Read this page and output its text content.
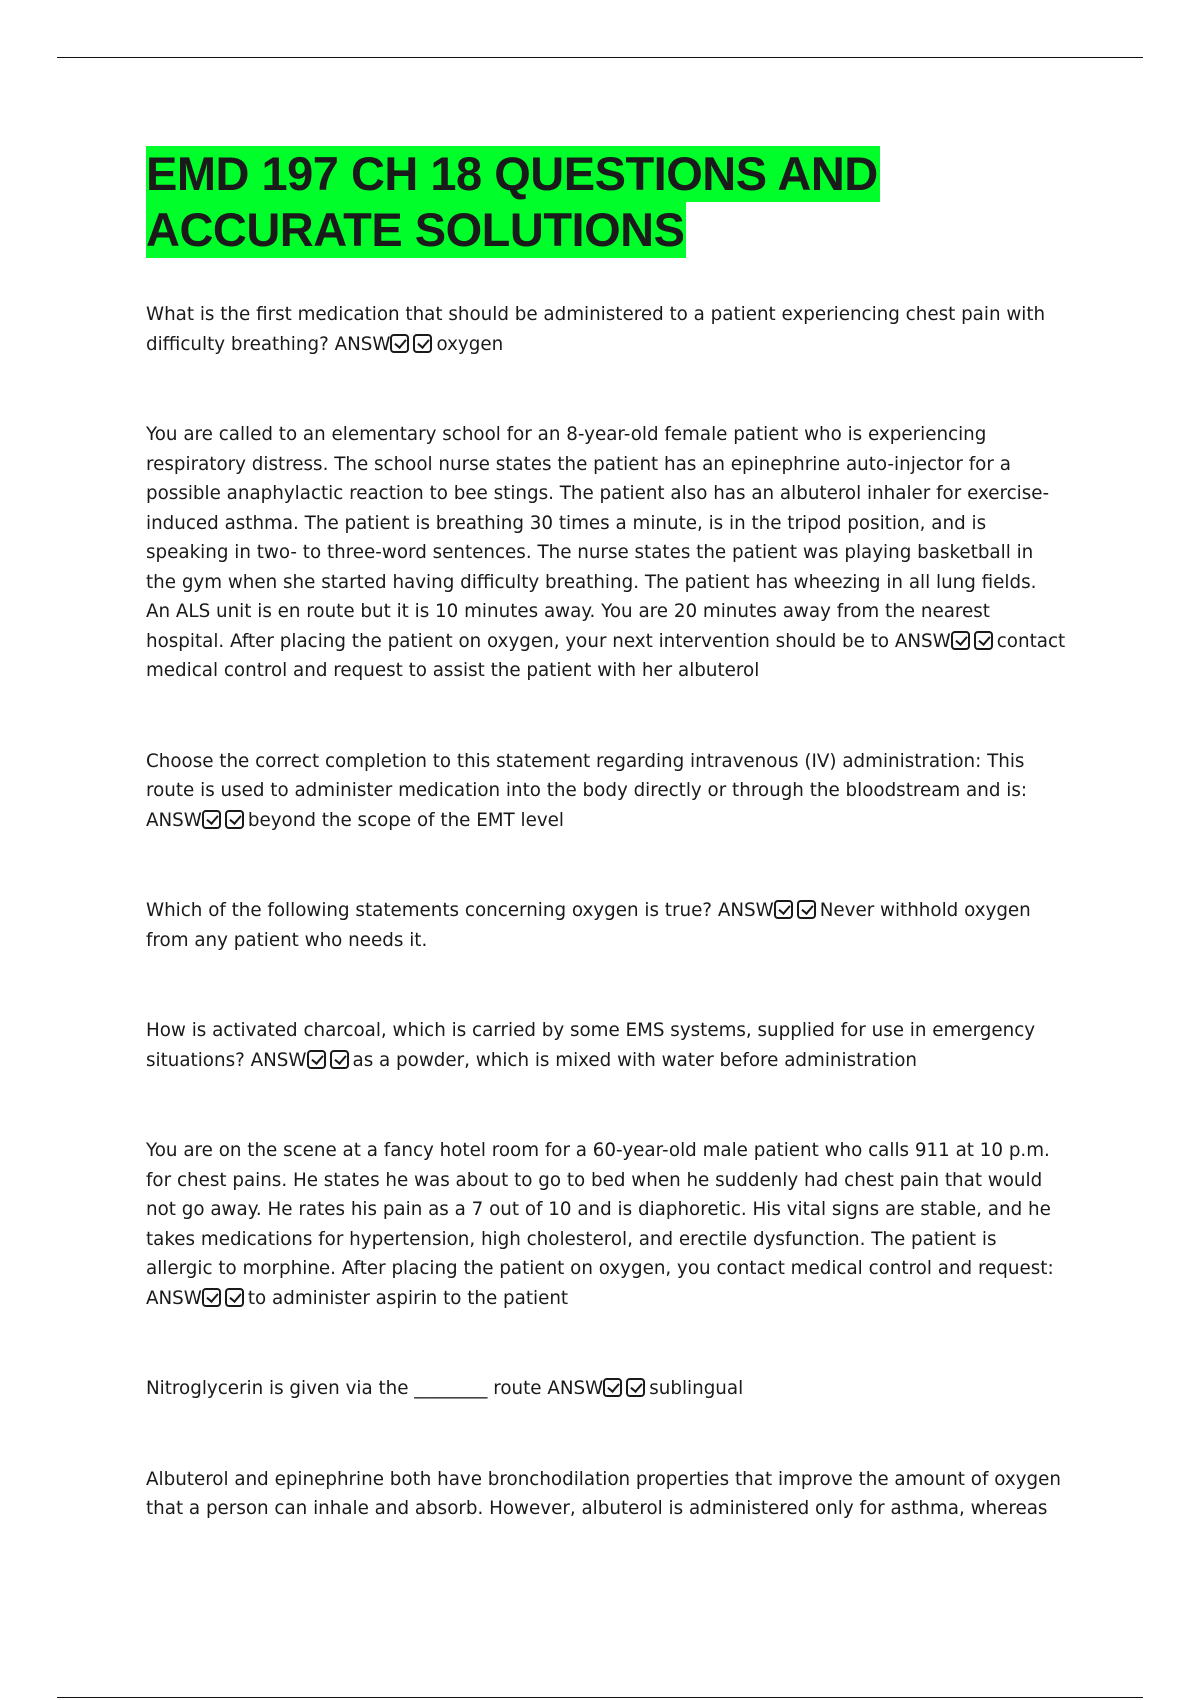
EMD 197 CH 18 QUESTIONS AND
ACCURATE SOLUTIONS

What is the first medication that should be administered to a patient experiencing chest pain with difficulty breathing? ANSW	oxygen

You are called to an elementary school for an 8-year-old female patient who is experiencing respiratory distress. The school nurse states the patient has an epinephrine auto-injector for a possible anaphylactic reaction to bee stings. The patient also has an albuterol inhaler for exercise-induced asthma. The patient is breathing 30 times a minute, is in the tripod position, and is speaking in two- to three-word sentences. The nurse states the patient was playing basketball in the gym when she started having difficulty breathing. The patient has wheezing in all lung fields. An ALS unit is en route but it is 10 minutes away. You are 20 minutes away from the nearest hospital. After placing the patient on oxygen, your next intervention should be to ANSW	contact medical control and request to assist the patient with her albuterol

Choose the correct completion to this statement regarding intravenous (IV) administration: This route is used to administer medication into the body directly or through the bloodstream and is: ANSW	beyond the scope of the EMT level

Which of the following statements concerning oxygen is true? ANSW	Never withhold oxygen from any patient who needs it.

How is activated charcoal, which is carried by some EMS systems, supplied for use in emergency situations? ANSW	as a powder, which is mixed with water before administration

You are on the scene at a fancy hotel room for a 60-year-old male patient who calls 911 at 10 p.m. for chest pains. He states he was about to go to bed when he suddenly had chest pain that would not go away. He rates his pain as a 7 out of 10 and is diaphoretic. His vital signs are stable, and he takes medications for hypertension, high cholesterol, and erectile dysfunction. The patient is allergic to morphine. After placing the patient on oxygen, you contact medical control and request: ANSW	to administer aspirin to the patient

Nitroglycerin is given via the ________ route ANSW	sublingual

Albuterol and epinephrine both have bronchodilation properties that improve the amount of oxygen that a person can inhale and absorb. However, albuterol is administered only for asthma, whereas
